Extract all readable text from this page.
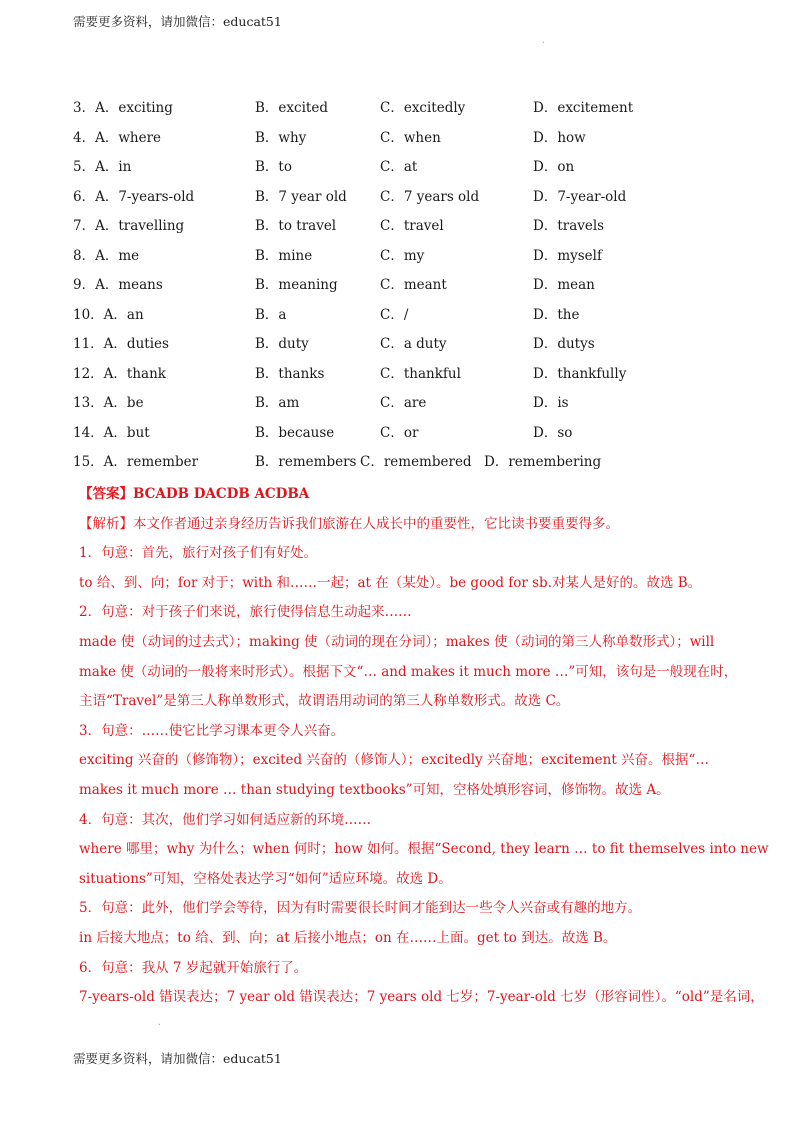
需要更多资料，请加微信：educat51
ˎ
3．A．exciting	B．excited	C．excitedly	D．excitement
4．A．where	B．why	C．when	D．how
5．A．in	B．to	C．at	D．on
6．A．7-years-old	B．7 year old C．7 years old	D．7-year-old
7．A．travelling	B．to travel	C．travel	D．travels
8．A．me	B．mine	C．my	D．myself
9．A．means	B．meaning	C．meant	D．mean
10．A．an	B．a	C．/	D．the
11．A．duties	B．duty	C．a duty	D．dutys
12．A．thank	B．thanks	C．thankful	D．thankfully
13．A．be	B．am	C．are	D．is
14．A．but	B．because	C．or	D．so
15．A．remember	B．remembers C．remembered D．remembering
【答案】BCADB DACDB ACDBA
【解析】本文作者通过亲身经历告诉我们旅游在人成长中的重要性，它比读书要重要得多。
1．句意：首先，旅行对孩子们有好处。
to 给、到、向；for 对于；with 和……一起；at 在（某处）。be good for sb.对某人是好的。故选 B。
2．句意：对于孩子们来说，旅行使得信息生动起来……
made 使（动词的过去式）；making 使（动词的现在分词）；makes 使（动词的第三人称单数形式）；will
make 使（动词的一般将来时形式）。根据下文“… and makes it much more …”可知，该句是一般现在时，
主语“Travel”是第三人称单数形式，故谓语用动词的第三人称单数形式。故选 C。
3．句意：……使它比学习课本更令人兴奋。
exciting 兴奋的（修饰物）；excited 兴奋的（修饰人）；excitedly 兴奋地；excitement 兴奋。根据“…
makes it much more … than studying textbooks”可知，空格处填形容词，修饰物。故选 A。
4．句意：其次，他们学习如何适应新的环境……
where 哪里；why 为什么；when 何时；how 如何。根据“Second, they learn … to fit themselves into new
situations”可知，空格处表达学习“如何”适应环境。故选 D。
5．句意：此外，他们学会等待，因为有时需要很长时间才能到达一些令人兴奋或有趣的地方。
in 后接大地点；to 给、到、向；at 后接小地点；on 在……上面。get to 到达。故选 B。
6．句意：我从 7 岁起就开始旅行了。
7-years-old 错误表达；7 year old 错误表达；7 years old 七岁；7-year-old 七岁（形容词性）。“old”是名词，
ˎ
需要更多资料，请加微信：educat51
